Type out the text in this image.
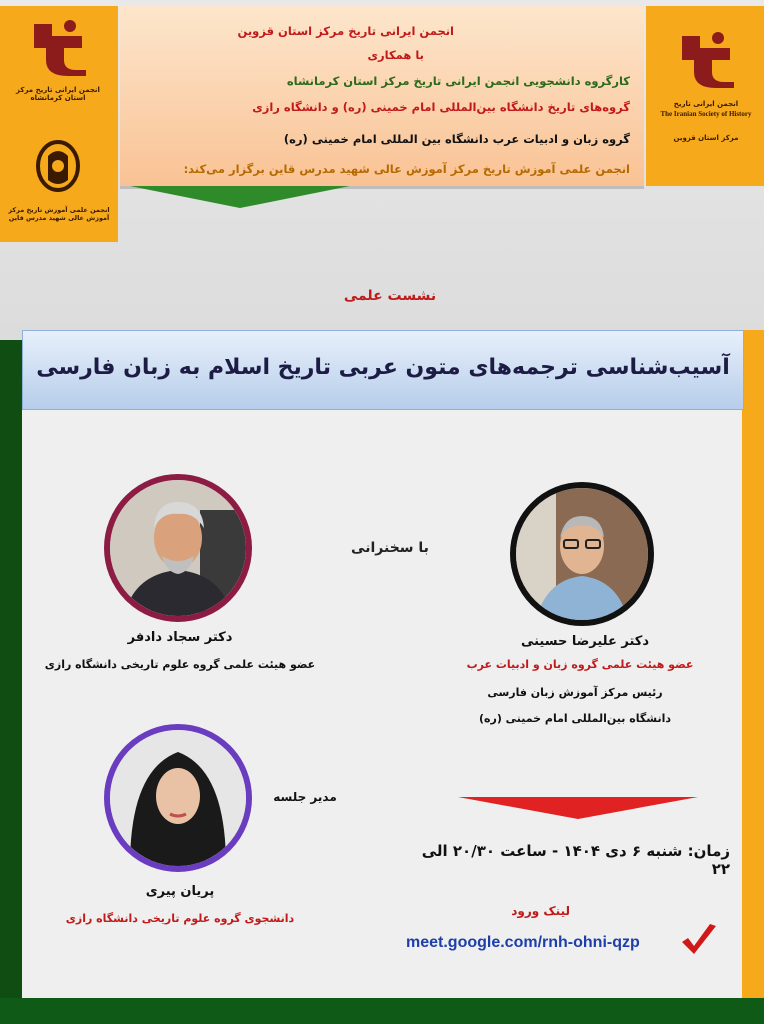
انجمن ایرانی تاریخ مرکز استان کرمانشاه
انجمن علمی آموزش تاریخ مرکز آموزش عالی شهید مدرس قاین
انجمن ایرانی تاریخ
The Iranian Society of History
مرکز استان قزوین
انجمن ایرانی تاریخ مرکز استان قزوین
با همکاری
کارگروه دانشجویی انجمن ایرانی تاریخ مرکز استان کرمانشاه
گروه‌های تاریخ دانشگاه بین‌المللی امام خمینی (ره) و دانشگاه رازی
گروه زبان و ادبیات عرب دانشگاه بین المللی امام خمینی (ره)
انجمن علمی آموزش تاریخ مرکز آموزش عالی شهید مدرس قاین برگزار می‌کند:
نشست علمی
آسیب‌شناسی ترجمه‌های متون عربی تاریخ اسلام به زبان فارسی
دکتر علیرضا حسینی
عضو هیئت علمی گروه زبان و ادبیات عرب
رئیس مرکز آموزش زبان فارسی
دانشگاه بین‌المللی امام خمینی (ره)
با سخنرانی
دکتر سجاد دادفر
عضو هیئت علمی گروه علوم تاریخی دانشگاه رازی
مدیر جلسه
پریان پیری
دانشجوی گروه علوم تاریخی دانشگاه رازی
زمان: شنبه ۶ دی ۱۴۰۴ - ساعت ۲۰/۳۰ الی ۲۲
لینک ورود
meet.google.com/rnh-ohni-qzp
